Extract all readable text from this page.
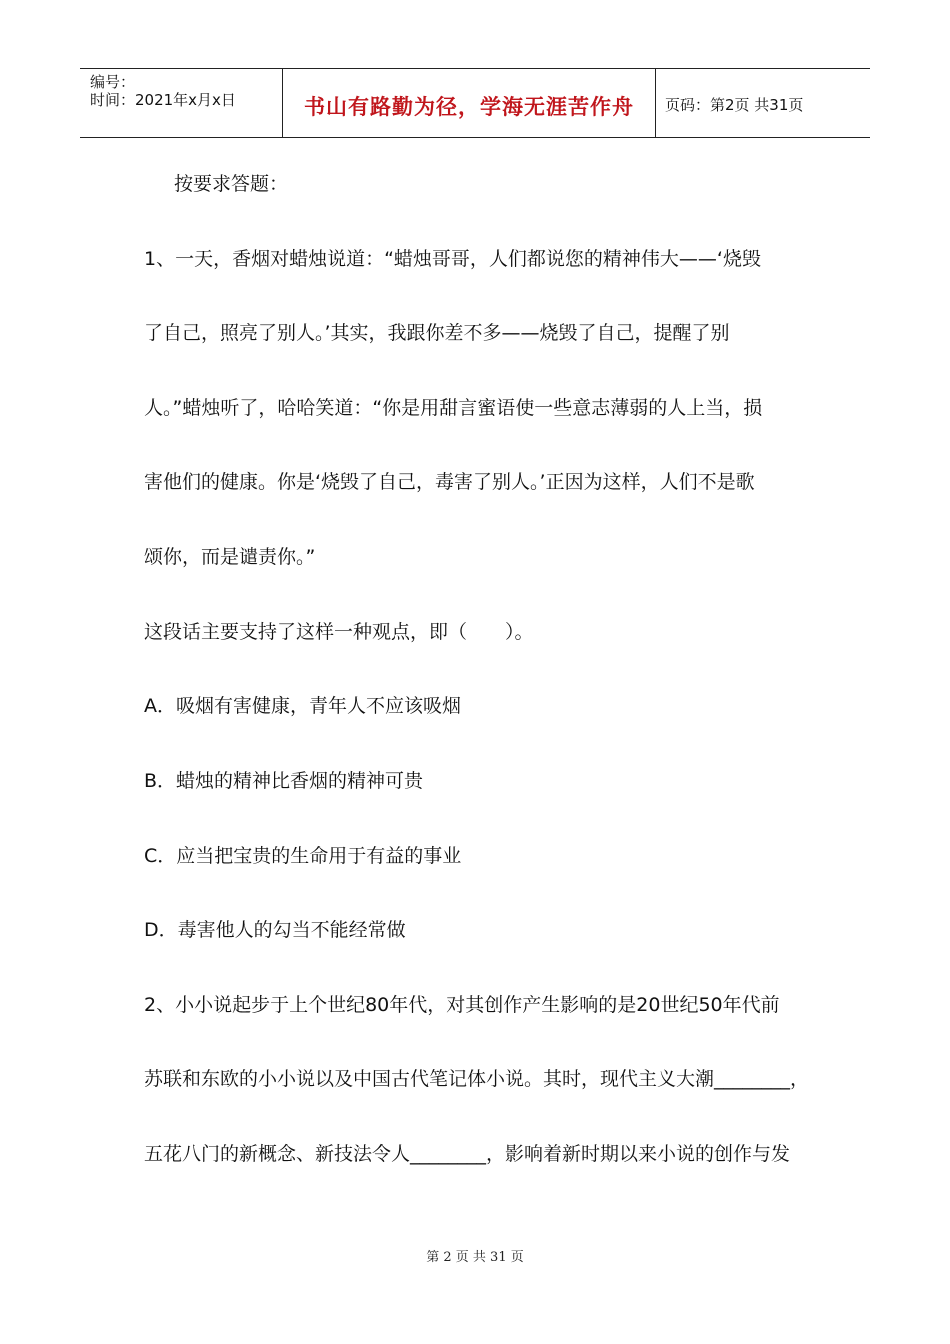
编号：
时间：2021年x月x日	书山有路勤为径，学海无涯苦作舟	页码：第2页 共31页
按要求答题：
1、一天，香烟对蜡烛说道：“蜡烛哥哥，人们都说您的精神伟大——‘烧毁
了自己，照亮了别人。’其实，我跟你差不多——烧毁了自己，提醒了别
人。”蜡烛听了，哈哈笑道：“你是用甜言蜜语使一些意志薄弱的人上当，损
害他们的健康。你是‘烧毁了自己，毒害了别人。’正因为这样，人们不是歌
颂你，而是谴责你。”
这段话主要支持了这样一种观点，即（　　）。
A．吸烟有害健康，青年人不应该吸烟
B．蜡烛的精神比香烟的精神可贵
C．应当把宝贵的生命用于有益的事业
D．毒害他人的勾当不能经常做
2、小小说起步于上个世纪80年代，对其创作产生影响的是20世纪50年代前
苏联和东欧的小小说以及中国古代笔记体小说。其时，现代主义大潮________，
五花八门的新概念、新技法令人________，影响着新时期以来小说的创作与发
第 2 页 共 31 页
